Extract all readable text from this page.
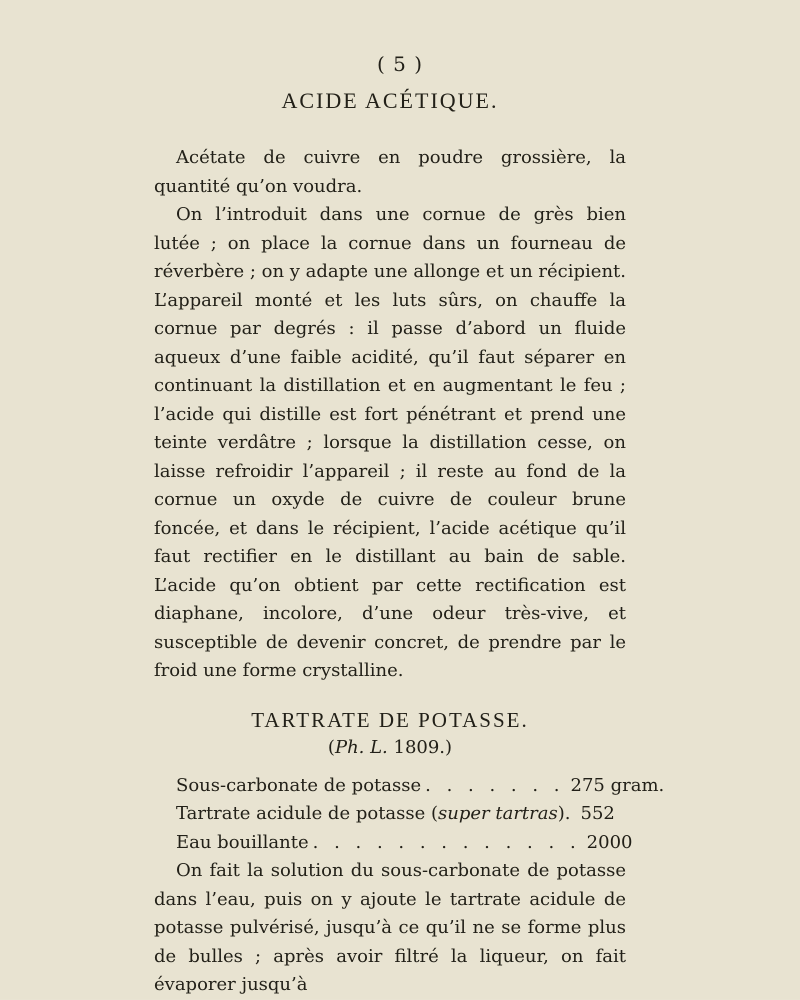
( 5 )
ACIDE ACÉTIQUE.

Acétate de cuivre en poudre grossière, la quantité qu’on voudra.

On l’introduit dans une cornue de grès bien lutée ; on place la cornue dans un fourneau de réverbère ; on y adapte une allonge et un récipient. L’appareil monté et les luts sûrs, on chauffe la cornue par degrés : il passe d’abord un fluide aqueux d’une faible acidité, qu’il faut séparer en continuant la distillation et en augmentant le feu ; l’acide qui distille est fort pénétrant et prend une teinte verdâtre ; lorsque la distillation cesse, on laisse refroidir l’appareil ; il reste au fond de la cornue un oxyde de cuivre de couleur brune foncée, et dans le récipient, l’acide acétique qu’il faut rectifier en le distillant au bain de sable. L’acide qu’on obtient par cette rectification est diaphane, incolore, d’une odeur très-vive, et susceptible de devenir concret, de prendre par le froid une forme crystalline.

TARTRATE DE POTASSE.
(Ph. L. 1809.)
Sous-carbonate de potasse . . . . . . . 275 gram.
Tartrate acidule de potasse (super tartras). 552
Eau bouillante . . . . . . . . . . . . . 2000

On fait la solution du sous-carbonate de potasse dans l’eau, puis on y ajoute le tartrate acidule de potasse pulvérisé, jusqu’à ce qu’il ne se forme plus de bulles ; après avoir filtré la liqueur, on fait évaporer jusqu’à
